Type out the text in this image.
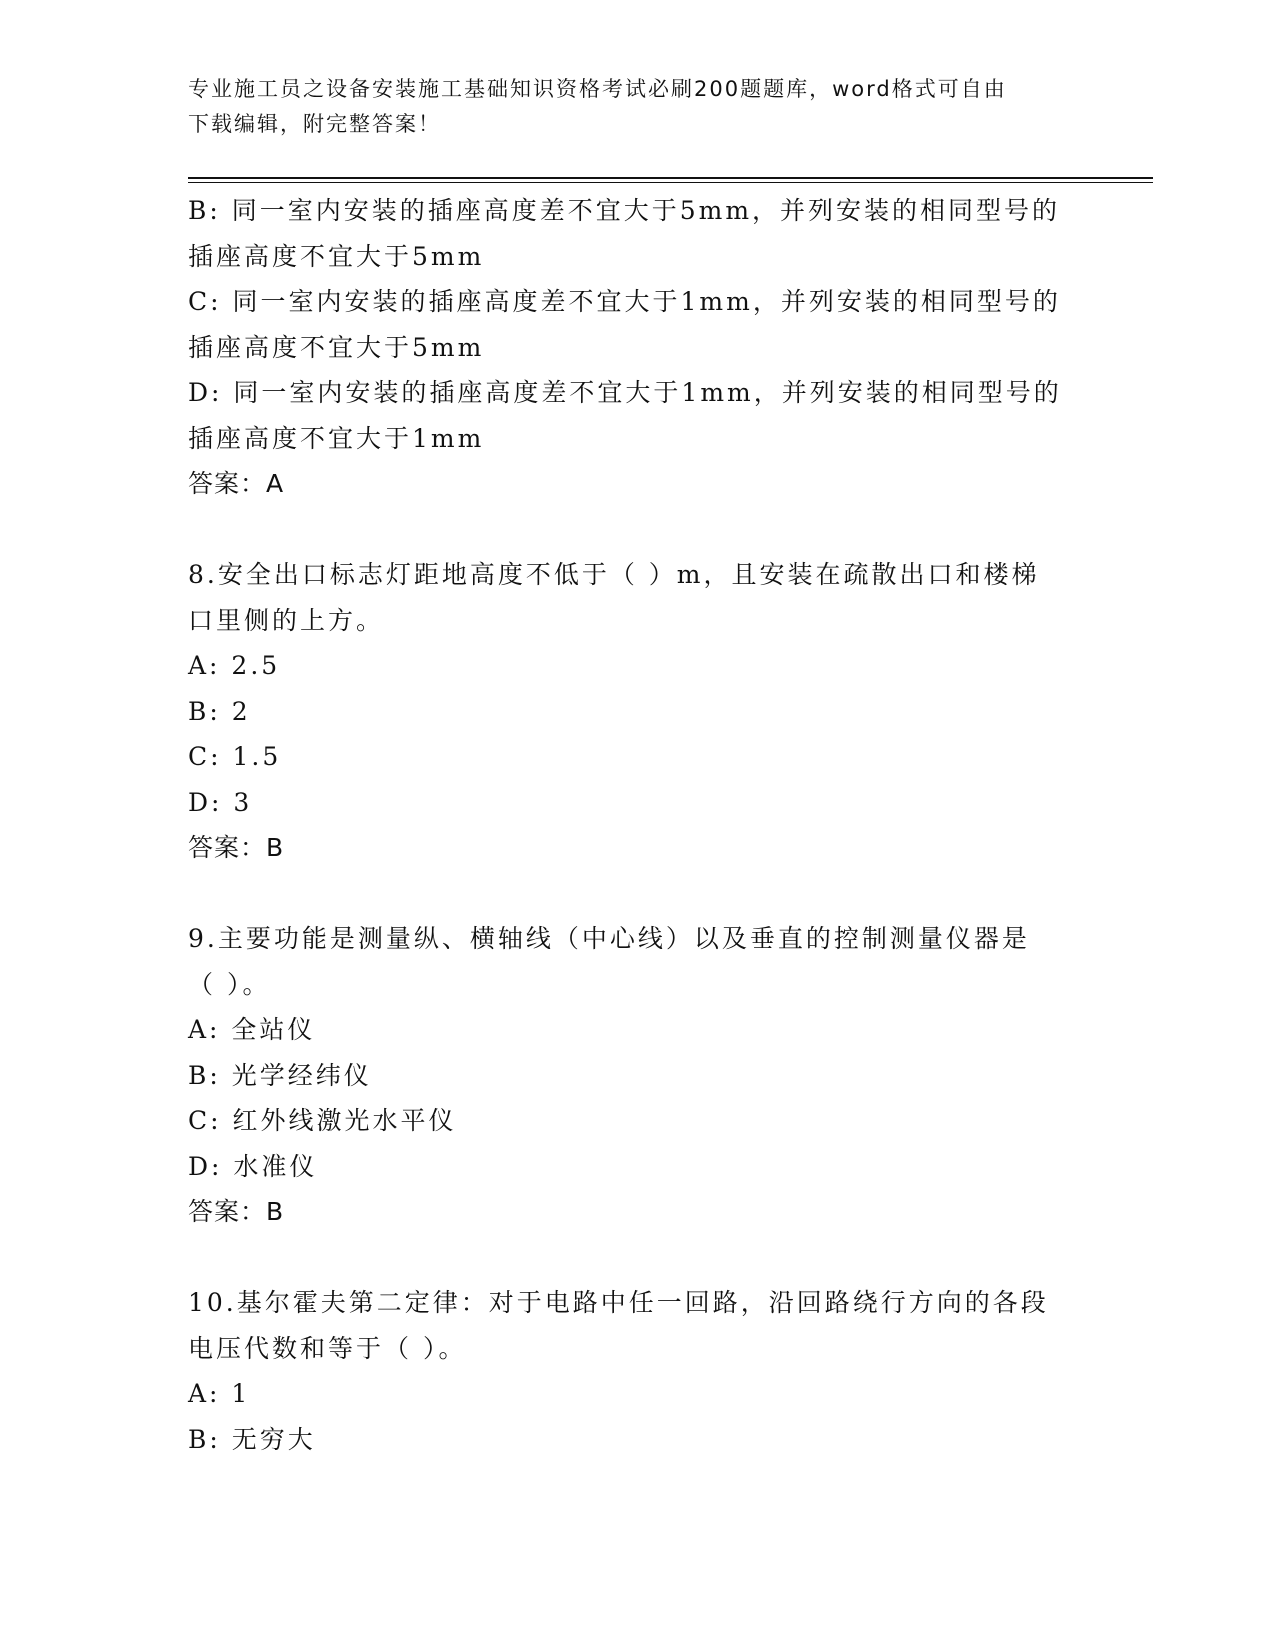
专业施工员之设备安装施工基础知识资格考试必刷200题题库，word格式可自由
下载编辑，附完整答案！
B: 同一室内安装的插座高度差不宜大于5mm，并列安装的相同型号的
插座高度不宜大于5mm
C: 同一室内安装的插座高度差不宜大于1mm，并列安装的相同型号的
插座高度不宜大于5mm
D: 同一室内安装的插座高度差不宜大于1mm，并列安装的相同型号的
插座高度不宜大于1mm
答案：A
8.安全出口标志灯距地高度不低于（ ）m，且安装在疏散出口和楼梯
口里侧的上方。
A: 2.5
B: 2
C: 1.5
D: 3
答案：B
9.主要功能是测量纵、横轴线（中心线）以及垂直的控制测量仪器是
（ ）。
A: 全站仪
B: 光学经纬仪
C: 红外线激光水平仪
D: 水准仪
答案：B
10.基尔霍夫第二定律：对于电路中任一回路，沿回路绕行方向的各段
电压代数和等于（ ）。
A: 1
B: 无穷大
